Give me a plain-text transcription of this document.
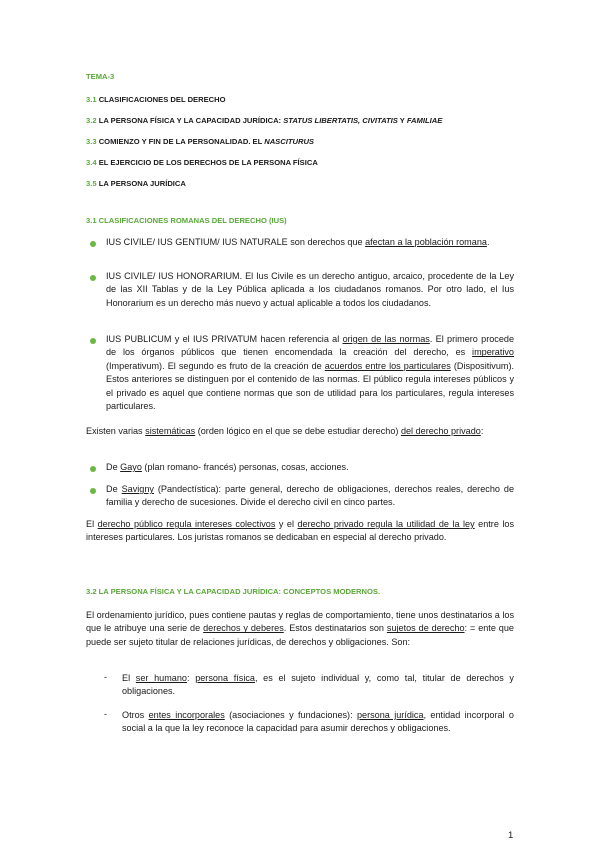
TEMA-3
3.1 CLASIFICACIONES DEL DERECHO
3.2 LA PERSONA FÍSICA Y LA CAPACIDAD JURÍDICA: STATUS LIBERTATIS, CIVITATIS Y FAMILIAE
3.3 COMIENZO Y FIN DE LA PERSONALIDAD. EL NASCITURUS
3.4 EL EJERCICIO DE LOS DERECHOS DE LA PERSONA FÍSICA
3.5 LA PERSONA JURÍDICA
3.1 CLASIFICACIONES ROMANAS DEL DERECHO (IUS)
IUS CIVILE/ IUS GENTIUM/ IUS NATURALE son derechos que afectan a la población romana.
IUS CIVILE/ IUS HONORARIUM. El Ius Civile es un derecho antiguo, arcaico, procedente de la Ley de las XII Tablas y de la Ley Pública aplicada a los ciudadanos romanos. Por otro lado, el Ius Honorarium es un derecho más nuevo y actual aplicable a todos los ciudadanos.
IUS PUBLICUM y el IUS PRIVATUM hacen referencia al origen de las normas. El primero procede de los órganos públicos que tienen encomendada la creación del derecho, es imperativo (Imperativum). El segundo es fruto de la creación de acuerdos entre los particulares (Dispositivum). Estos anteriores se distinguen por el contenido de las normas. El público regula intereses públicos y el privado es aquel que contiene normas que son de utilidad para los particulares, regula intereses particulares.
Existen varias sistemáticas (orden lógico en el que se debe estudiar derecho) del derecho privado:
De Gayo (plan romano- francés) personas, cosas, acciones.
De Savigny (Pandectística): parte general, derecho de obligaciones, derechos reales, derecho de familia y derecho de sucesiones. Divide el derecho civil en cinco partes.
El derecho público regula intereses colectivos y el derecho privado regula la utilidad de la ley entre los intereses particulares. Los juristas romanos se dedicaban en especial al derecho privado.
3.2 LA PERSONA FÍSICA Y LA CAPACIDAD JURÍDICA: CONCEPTOS MODERNOS.
El ordenamiento jurídico, pues contiene pautas y reglas de comportamiento, tiene unos destinatarios a los que le atribuye una serie de derechos y deberes. Estos destinatarios son sujetos de derecho: = ente que puede ser sujeto titular de relaciones jurídicas, de derechos y obligaciones. Son:
- El ser humano: persona física, es el sujeto individual y, como tal, titular de derechos y obligaciones.
- Otros entes incorporales (asociaciones y fundaciones): persona jurídica, entidad incorporal o social a la que la ley reconoce la capacidad para asumir derechos y obligaciones.
1
